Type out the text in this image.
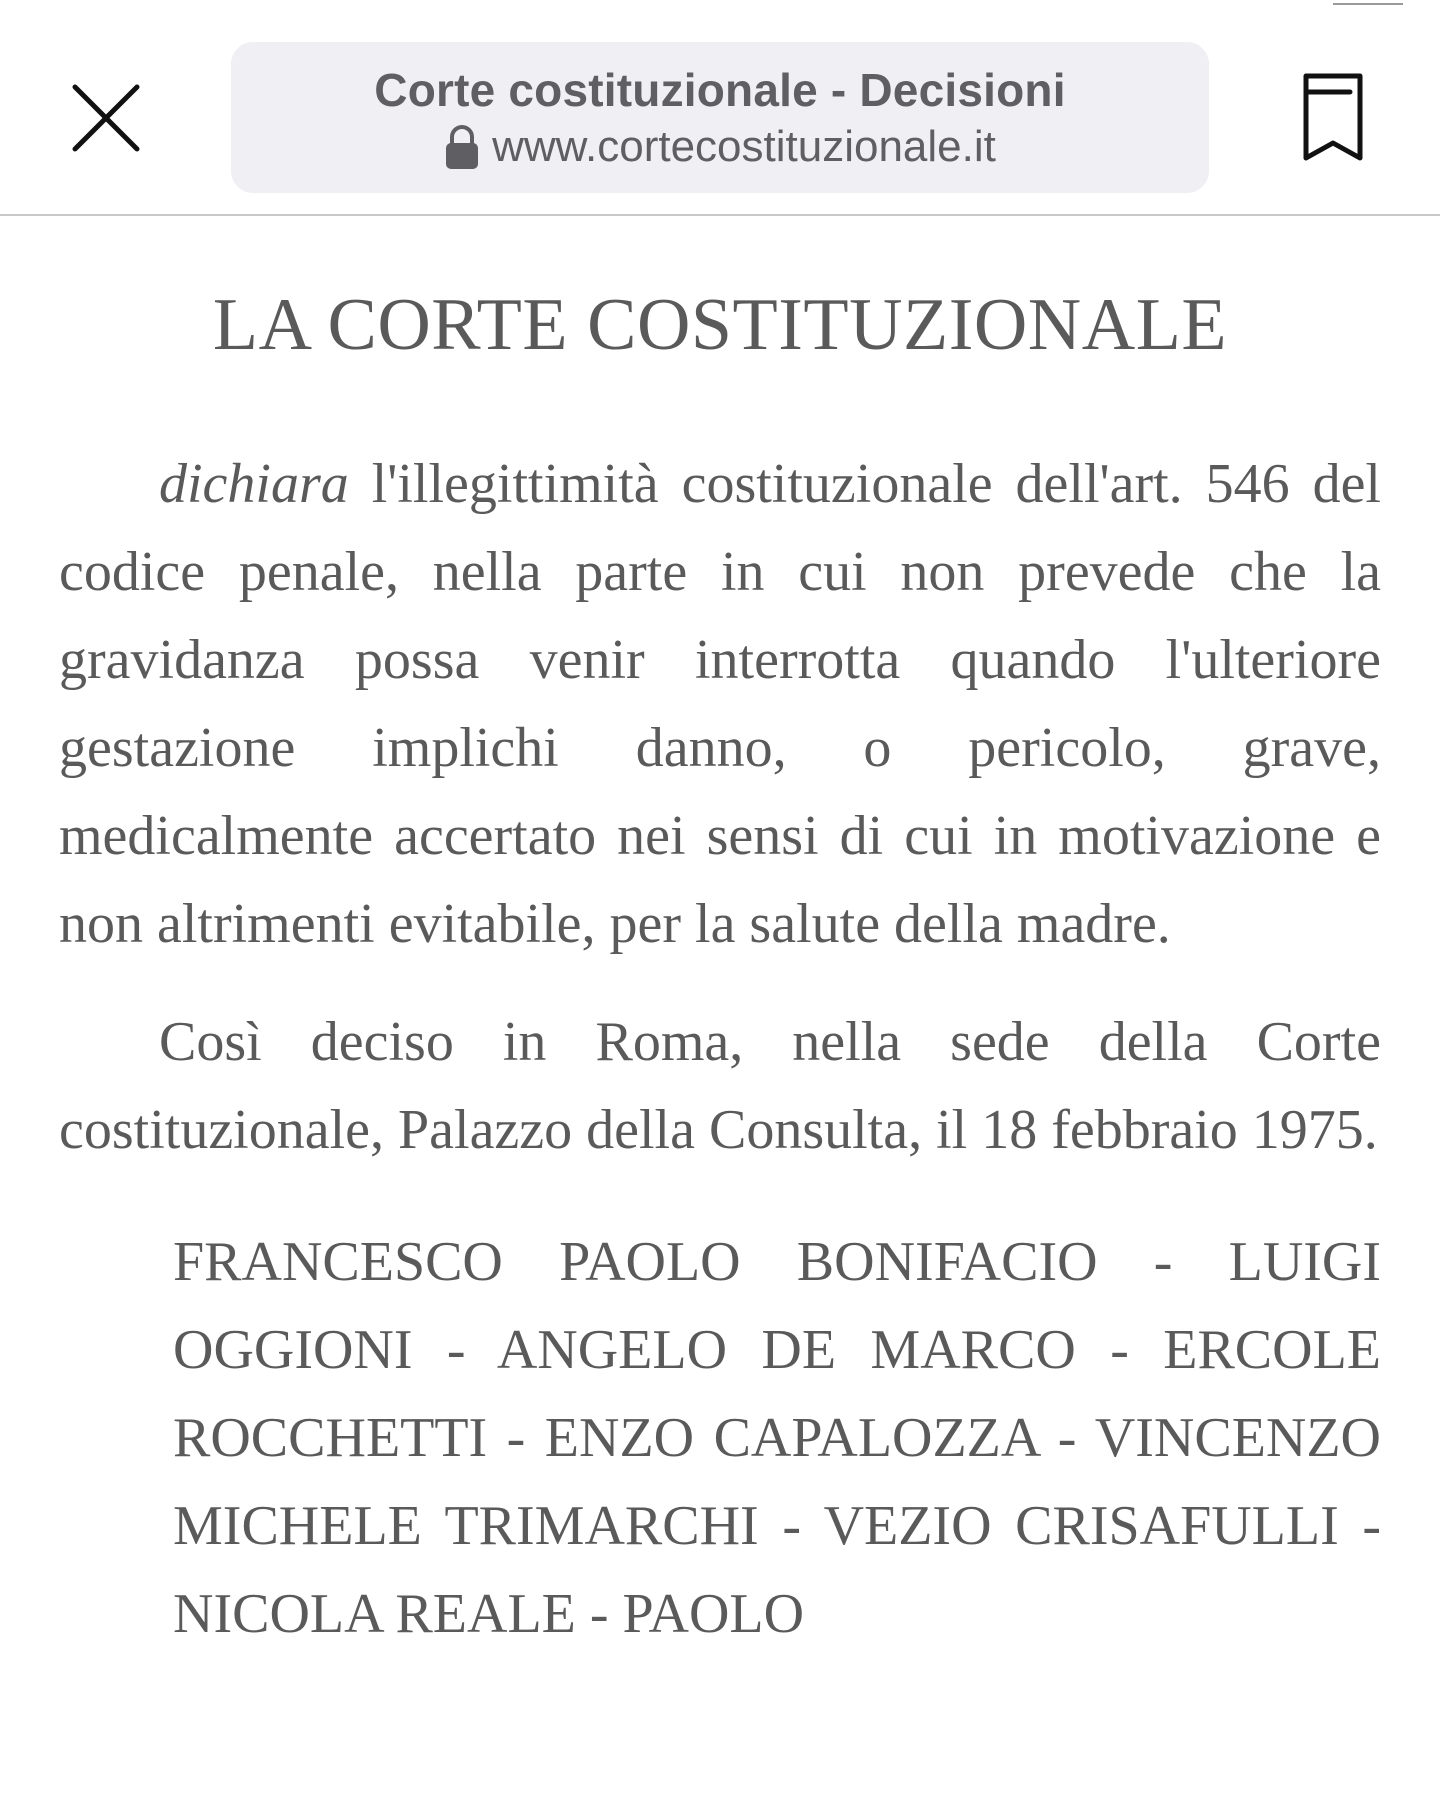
Corte costituzionale - Decisioni
www.cortecostituzionale.it
LA CORTE COSTITUZIONALE

dichiara l'illegittimità costituzionale dell'art. 546 del codice penale, nella parte in cui non prevede che la gravidanza possa venir interrotta quando l'ulteriore gestazione implichi danno, o pericolo, grave, medicalmente accertato nei sensi di cui in motivazione e non altrimenti evitabile, per la salute della madre.

Così deciso in Roma, nella sede della Corte costituzionale, Palazzo della Consulta, il 18 febbraio 1975.

FRANCESCO PAOLO BONIFACIO - LUIGI OGGIONI - ANGELO DE MARCO - ERCOLE ROCCHETTI - ENZO CAPALOZZA - VINCENZO MICHELE TRIMARCHI - VEZIO CRISAFULLI - NICOLA REALE - PAOLO
